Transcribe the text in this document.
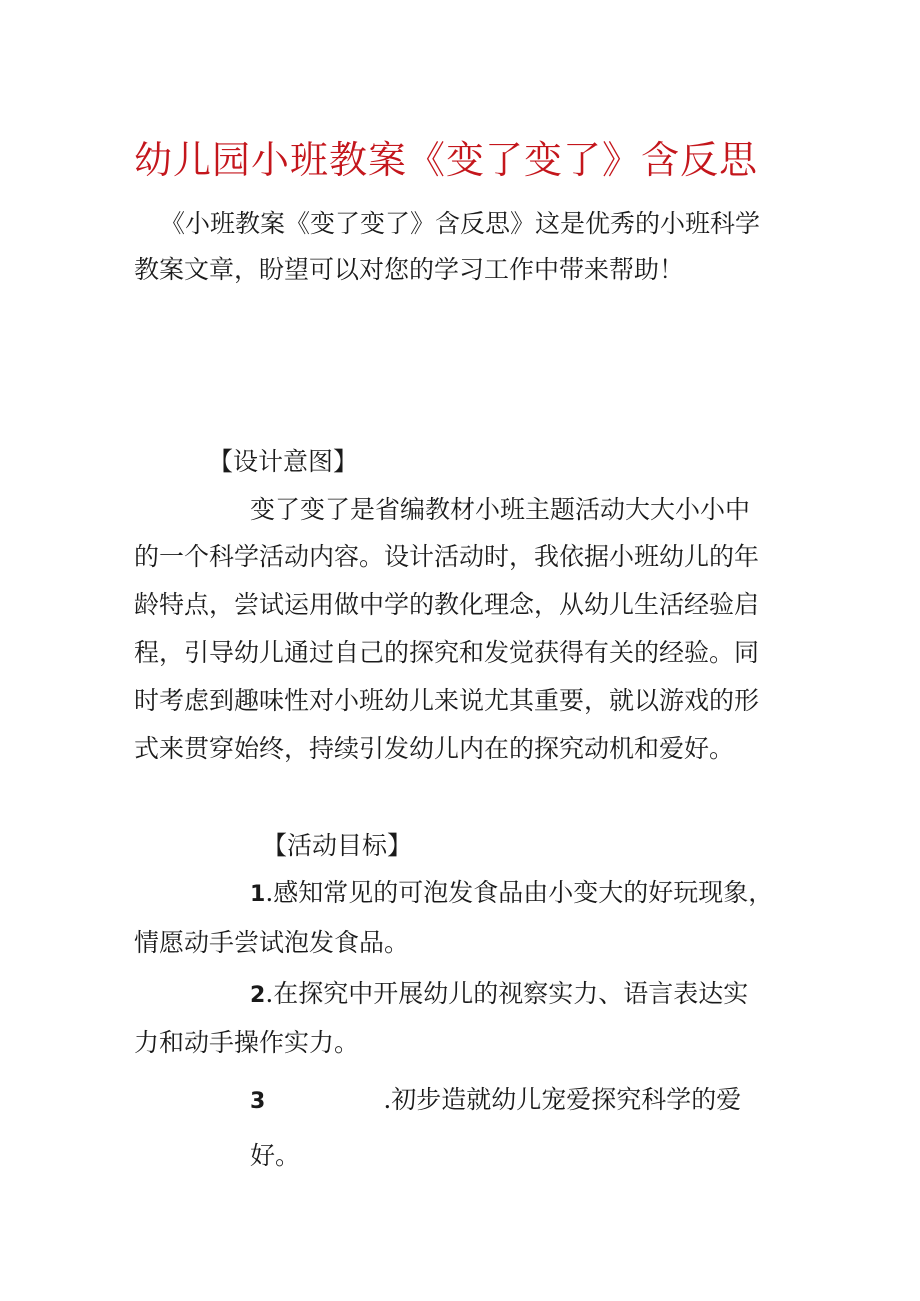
幼儿园小班教案《变了变了》含反思
《小班教案《变了变了》含反思》这是优秀的小班科学
教案文章，盼望可以对您的学习工作中带来帮助！
【设计意图】
变了变了是省编教材小班主题活动大大小小中
的一个科学活动内容。设计活动时，我依据小班幼儿的年
龄特点，尝试运用做中学的教化理念，从幼儿生活经验启
程，引导幼儿通过自己的探究和发觉获得有关的经验。同
时考虑到趣味性对小班幼儿来说尤其重要，就以游戏的形
式来贯穿始终，持续引发幼儿内在的探究动机和爱好。
【活动目标】
1.感知常见的可泡发食品由小变大的好玩现象，
情愿动手尝试泡发食品。
2.在探究中开展幼儿的视察实力、语言表达实
力和动手操作实力。
3	.初步造就幼儿宠爱探究科学的爱
好。
